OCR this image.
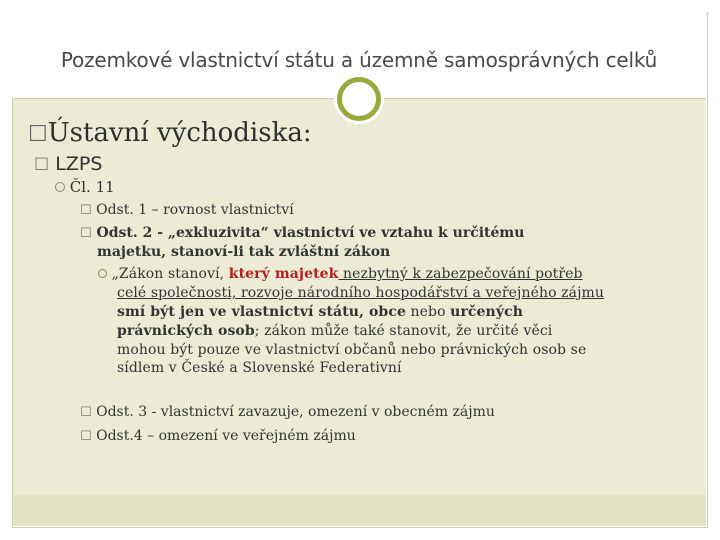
Pozemkové vlastnictví státu a územně samosprávných celků
☐Ústavní východiska:
☐ LZPS
Čl. 11
☐ Odst. 1 – rovnost vlastnictví
☐ Odst. 2 - „exkluzivita“ vlastnictví ve vztahu k určitému
majetku, stanoví-li tak zvláštní zákon
„Zákon stanoví, který majetek nezbytný k zabezpečování potřeb
celé společnosti, rozvoje národního hospodářství a veřejného zájmu
smí být jen ve vlastnictví státu, obce nebo určených
právnických osob; zákon může také stanovit, že určité věci
mohou být pouze ve vlastnictví občanů nebo právnických osob se
sídlem v České a Slovenské Federativní
☐ Odst. 3 - vlastnictví zavazuje, omezení v obecném zájmu
☐ Odst.4 – omezení ve veřejném zájmu
